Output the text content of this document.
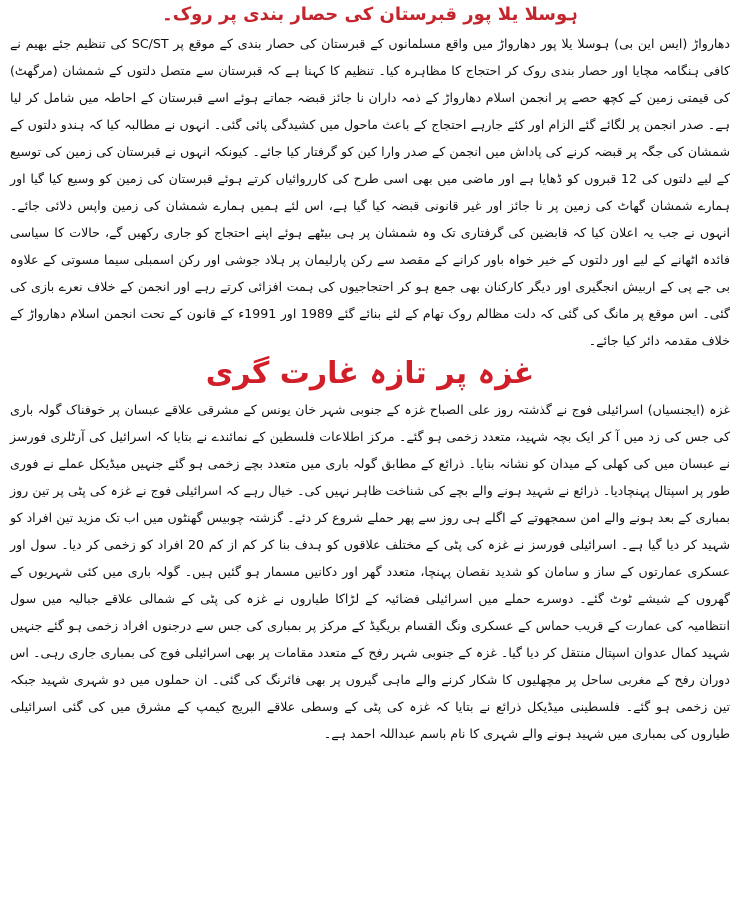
ہوسلا یلا پور قبرستان کی حصار بندی پر روک۔

دھارواڑ (ایس این بی) ہوسلا یلا پور دھارواڑ میں واقع مسلمانوں کے قبرستان کی حصار بندی کے موقع پر SC/ST کی تنظیم جئے بھیم نے کافی ہنگامہ مچایا اور حصار بندی روک کر احتجاج کا مظاہرہ کیا۔ تنظیم کا کہنا ہے کہ قبرستان سے متصل دلتوں کے شمشان (مرگھٹ) کی قیمتی زمین کے کچھ حصے پر انجمن اسلام دھارواڑ کے ذمہ داران نا جائز قبضہ جماتے ہوئے اسے قبرستان کے احاطہ میں شامل کر لیا ہے۔ صدر انجمن پر لگائے گئے الزام اور کئے جارہے احتجاج کے باعث ماحول میں کشیدگی پائی گئی۔ انہوں نے مطالبہ کیا کہ ہندو دلتوں کے شمشان کی جگہ پر قبضہ کرنے کی پاداش میں انجمن کے صدر وارا کین کو گرفتار کیا جائے۔ کیونکہ انہوں نے قبرستان کی زمین کی توسیع کے لیے دلتوں کی 12 قبروں کو ڈھایا ہے اور ماضی میں بھی اسی طرح کی کارروائیاں کرتے ہوئے قبرستان کی زمین کو وسیع کیا گیا اور ہمارے شمشان گھاٹ کی زمین پر نا جائز اور غیر قانونی قبضہ کیا گیا ہے، اس لئے ہمیں ہمارے شمشان کی زمین واپس دلائی جائے۔ انہوں نے جب یہ اعلان کیا کہ قابضین کی گرفتاری تک وہ شمشان پر ہی بیٹھے ہوئے اپنے احتجاج کو جاری رکھیں گے، حالات کا سیاسی فائدہ اٹھانے کے لیے اور دلتوں کے خیر خواہ باور کرانے کے مقصد سے رکن پارلیمان پر ہلاد جوشی اور رکن اسمبلی سیما مسوتی کے علاوہ بی جے پی کے اربیش انجگیری اور دیگر کارکنان بھی جمع ہو کر احتجاجیوں کی ہمت افزائی کرتے رہے اور انجمن کے خلاف نعرے بازی کی گئی۔ اس موقع پر مانگ کی گئی کہ دلت مظالم روک تھام کے لئے بنائے گئے 1989 اور 1991ء کے قانون کے تحت انجمن اسلام دھارواڑ کے خلاف مقدمہ دائر کیا جائے۔

غزہ پر تازہ غارت گری

غزہ (ایجنسیاں) اسرائیلی فوج نے گذشتہ روز علی الصباح غزہ کے جنوبی شہر خان یونس کے مشرقی علاقے عبسان پر خوفناک گولہ باری کی جس کی زد میں آ کر ایک بچہ شہید، متعدد زخمی ہو گئے۔ مرکز اطلاعات فلسطین کے نمائندے نے بتایا کہ اسرائیل کی آرٹلری فورسز نے عبسان میں کی کھلی کے میدان کو نشانہ بنایا۔ ذرائع کے مطابق گولہ باری میں متعدد بچے زخمی ہو گئے جنہیں میڈیکل عملے نے فوری طور پر اسپتال پہنچادیا۔ ذرائع نے شہید ہونے والے بچے کی شناخت ظاہر نہیں کی۔ خیال رہے کہ اسرائیلی فوج نے غزہ کی پٹی پر تین روز بمباری کے بعد ہونے والے امن سمجھوتے کے اگلے ہی روز سے پھر حملے شروع کر دئے۔ گزشتہ چوبیس گھنٹوں میں اب تک مزید تین افراد کو شہید کر دیا گیا ہے۔ اسرائیلی فورسز نے غزہ کی پٹی کے مختلف علاقوں کو ہدف بنا کر کم از کم 20 افراد کو زخمی کر دیا۔ سول اور عسکری عمارتوں کے ساز و سامان کو شدید نقصان پہنچا، متعدد گھر اور دکانیں مسمار ہو گئیں ہیں۔ گولہ باری میں کئی شہریوں کے گھروں کے شیشے ٹوٹ گئے۔ دوسرے حملے میں اسرائیلی فضائیہ کے لڑاکا طیاروں نے غزہ کی پٹی کے شمالی علاقے جبالیہ میں سول انتظامیہ کی عمارت کے قریب حماس کے عسکری ونگ القسام بریگیڈ کے مرکز پر بمباری کی جس سے درجنوں افراد زخمی ہو گئے جنہیں شہید کمال عدوان اسپتال منتقل کر دیا گیا۔ غزہ کے جنوبی شہر رفح کے متعدد مقامات پر بھی اسرائیلی فوج کی بمباری جاری رہی۔ اس دوران رفح کے مغربی ساحل پر مچھلیوں کا شکار کرنے والے ماہی گیروں پر بھی فائرنگ کی گئی۔ ان حملوں میں دو شہری شہید جبکہ تین زخمی ہو گئے۔ فلسطینی میڈیکل ذرائع نے بتایا کہ غزہ کی پٹی کے وسطی علاقے البریج کیمپ کے مشرق میں کی گئی اسرائیلی طیاروں کی بمباری میں شہید ہونے والے شہری کا نام باسم عبداللہ احمد ہے۔
